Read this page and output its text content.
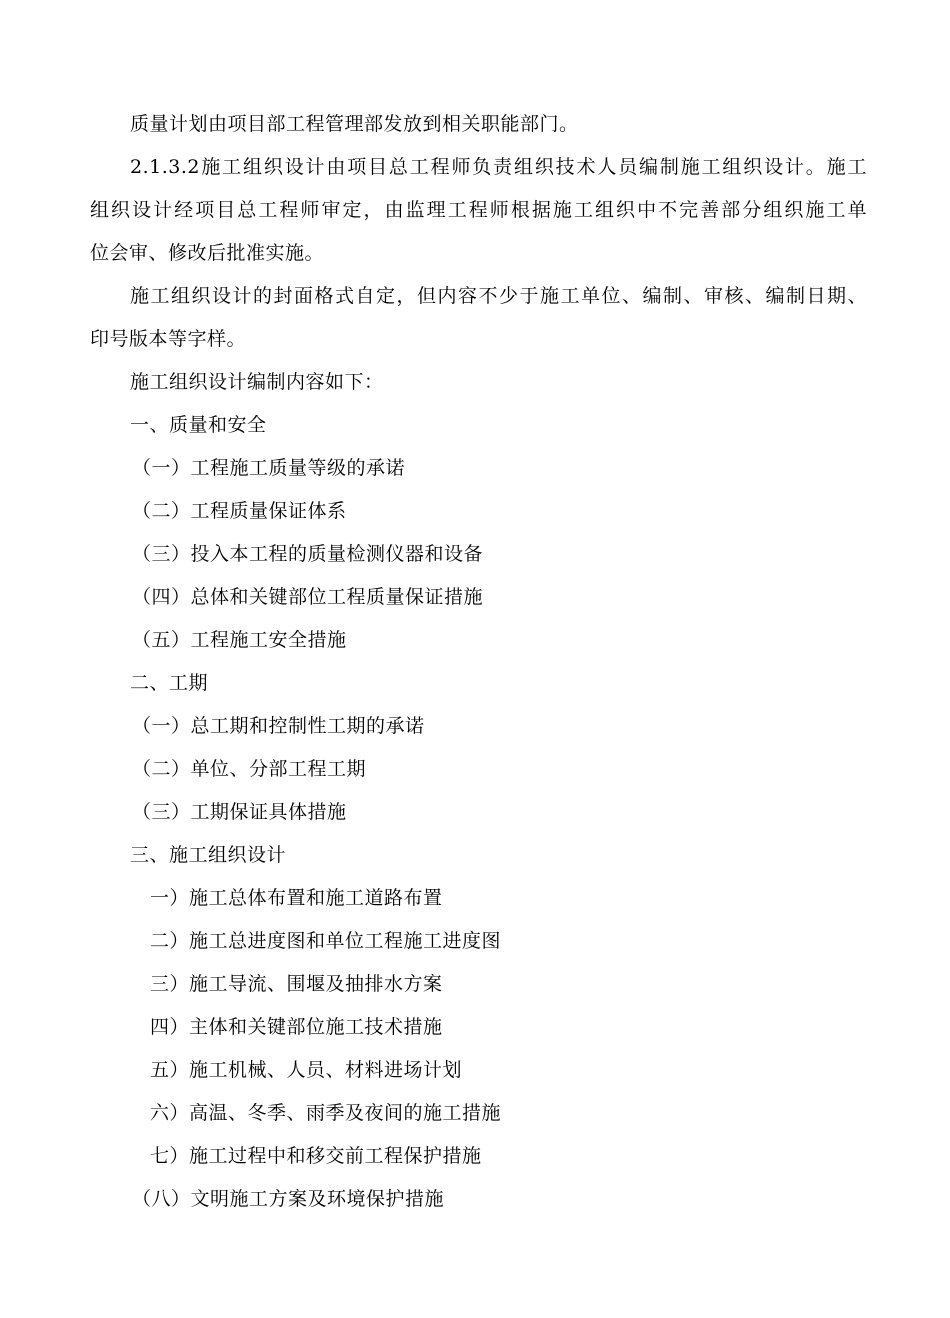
质量计划由项目部工程管理部发放到相关职能部门。
2.1.3.2施工组织设计由项目总工程师负责组织技术人员编制施工组织设计。施工
组织设计经项目总工程师审定，由监理工程师根据施工组织中不完善部分组织施工单
位会审、修改后批准实施。
施工组织设计的封面格式自定，但内容不少于施工单位、编制、审核、编制日期、
印号版本等字样。
施工组织设计编制内容如下：
一、质量和安全
（一）工程施工质量等级的承诺
（二）工程质量保证体系
（三）投入本工程的质量检测仪器和设备
（四）总体和关键部位工程质量保证措施
（五）工程施工安全措施
二、工期
（一）总工期和控制性工期的承诺
（二）单位、分部工程工期
（三）工期保证具体措施
三、施工组织设计
一）施工总体布置和施工道路布置
二）施工总进度图和单位工程施工进度图
三）施工导流、围堰及抽排水方案
四）主体和关键部位施工技术措施
五）施工机械、人员、材料进场计划
六）高温、冬季、雨季及夜间的施工措施
七）施工过程中和移交前工程保护措施
（八）文明施工方案及环境保护措施
